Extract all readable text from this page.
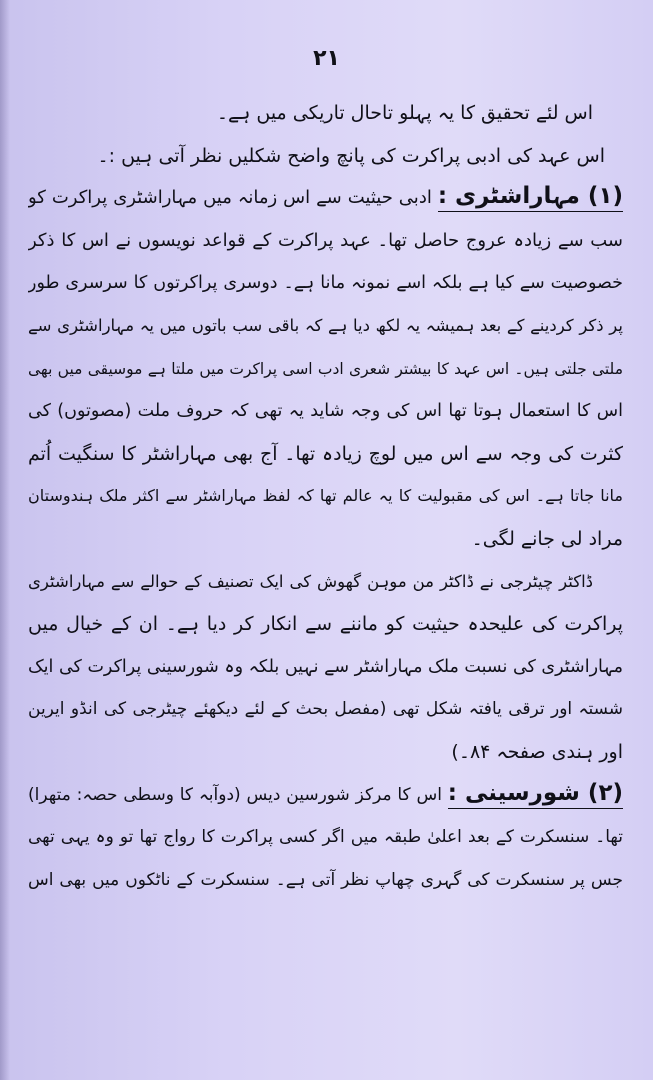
۲۱
اس لئے تحقیق کا یہ پہلو تاحال تاریکی میں ہے۔
اس عہد کی ادبی پراکرت کی پانچ واضح شکلیں نظر آتی ہیں :۔
(۱) مہاراشٹری : ادبی حیثیت سے اس زمانہ میں مہاراشٹری پراکرت کو
سب سے زیادہ عروج حاصل تھا۔ عہد پراکرت کے قواعد نویسوں نے اس کا ذکر
خصوصیت سے کیا ہے بلکہ اسے نمونہ مانا ہے۔ دوسری پراکرتوں کا سرسری طور
پر ذکر کردینے کے بعد ہمیشہ یہ لکھ دیا ہے کہ باقی سب باتوں میں یہ مہاراشٹری سے
ملتی جلتی ہیں۔ اس عہد کا بیشتر شعری ادب اسی پراکرت میں ملتا ہے موسیقی میں بھی
اس کا استعمال ہوتا تھا اس کی وجہ شاید یہ تھی کہ حروف ملت (مصوتوں) کی
کثرت کی وجہ سے اس میں لوچ زیادہ تھا۔ آج بھی مہاراشٹر کا سنگیت اُتم
مانا جاتا ہے۔ اس کی مقبولیت کا یہ عالم تھا کہ لفظ مہاراشٹر سے اکثر ملک ہندوستان
مراد لی جانے لگی۔
ڈاکٹر چیٹرجی نے ڈاکٹر من موہن گھوش کی ایک تصنیف کے حوالے سے مہاراشٹری
پراکرت کی علیحدہ حیثیت کو ماننے سے انکار کر دیا ہے۔ ان کے خیال میں
مہاراشٹری کی نسبت ملک مہاراشٹر سے نہیں بلکہ وہ شورسینی پراکرت کی ایک
شستہ اور ترقی یافتہ شکل تھی (مفصل بحث کے لئے دیکھئے چیٹرجی کی انڈو ایرین
اور ہندی صفحہ ۸۴۔)
(۲) شورسینی : اس کا مرکز شورسین دیس (دوآبہ کا وسطی حصہ: متھرا)
تھا۔ سنسکرت کے بعد اعلیٰ طبقہ میں اگر کسی پراکرت کا رواج تھا تو وہ یہی تھی
جس پر سنسکرت کی گہری چھاپ نظر آتی ہے۔ سنسکرت کے ناٹکوں میں بھی اس
